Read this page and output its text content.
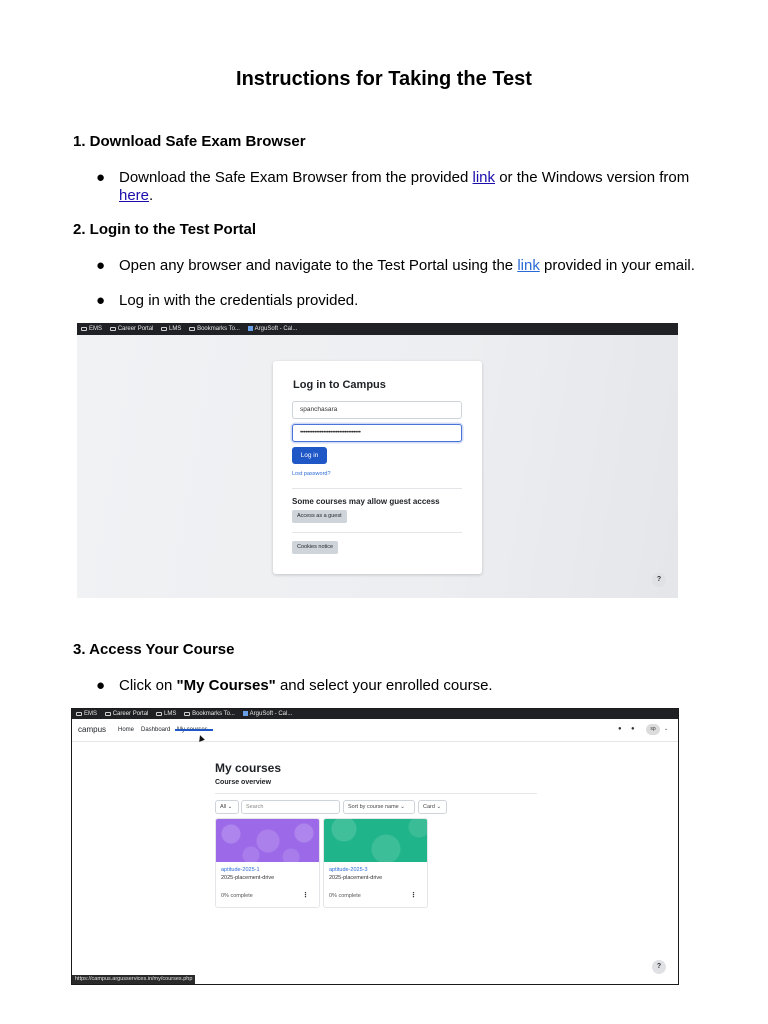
Instructions for Taking the Test
1. Download Safe Exam Browser
● Download the Safe Exam Browser from the provided link or the Windows version from here.
2. Login to the Test Portal
● Open any browser and navigate to the Test Portal using the link provided in your email.
● Log in with the credentials provided.
EMS	Career Portal	LMS	Bookmarks To... ArguSoft - Cal...
Log in to Campus
spanchasara
••••••••••••••••••••••••••••••••••
Log in
Lost password?
Some courses may allow guest access
Access as a guest
Cookies notice
?
3. Access Your Course
● Click on "My Courses" and select your enrolled course.
EMS	Career Portal	LMS	Bookmarks To... ArguSoft - Cal...
campus Home Dashboard	● ●	sp	⌄
My courses
Course overview
All ⌄	Search	Sort by course name ⌄	Card ⌄
aptitude-2025-1
2025-placement-drive
0% complete	⋮
aptitude-2025-3
2025-placement-drive
0% complete	⋮
?
https://campus.argusservices.in/my/courses.php
